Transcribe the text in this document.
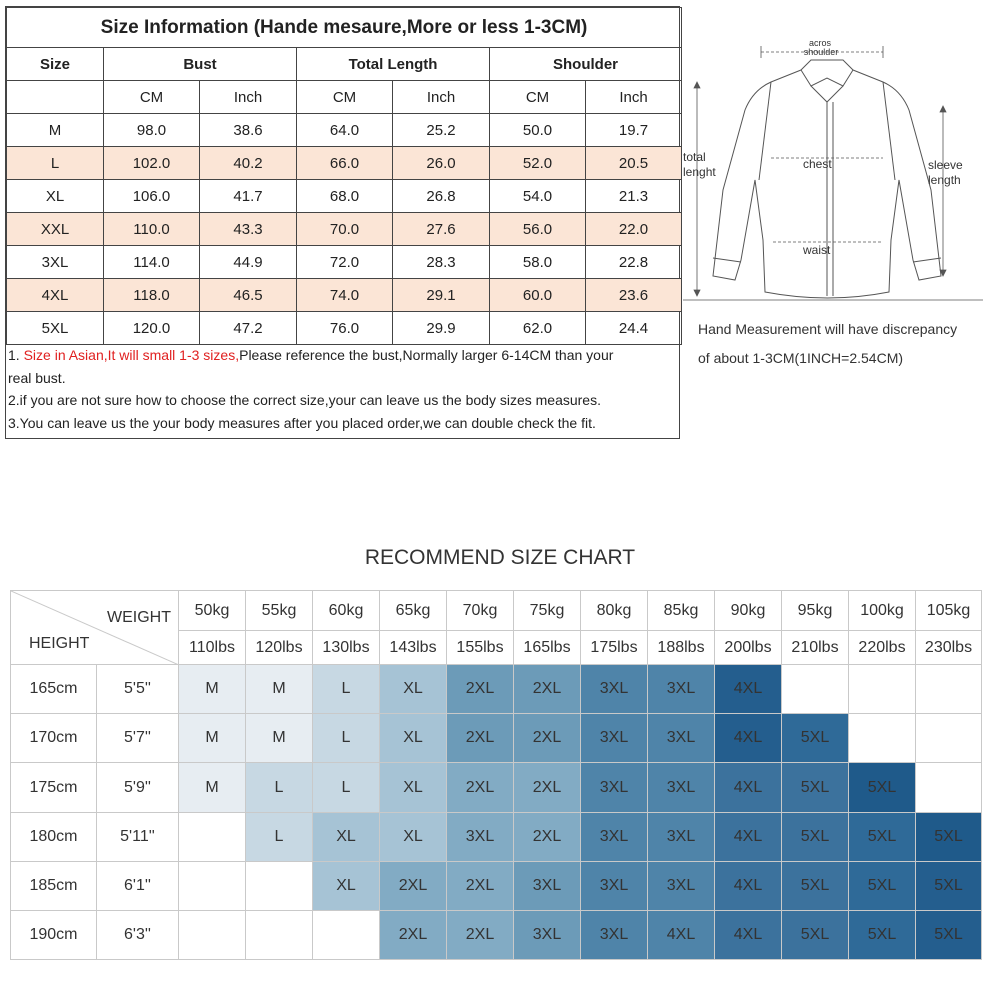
Size Information (Hande mesaure,More or less 1-3CM)						
Size	Bust		Total Length		Shoulder	
	CM	Inch	CM	Inch	CM	Inch
M	98.0	38.6	64.0	25.2	50.0	19.7
L	102.0	40.2	66.0	26.0	52.0	20.5
XL	106.0	41.7	68.0	26.8	54.0	21.3
XXL	110.0	43.3	70.0	27.6	56.0	22.0
3XL	114.0	44.9	72.0	28.3	58.0	22.8
4XL	118.0	46.5	74.0	29.1	60.0	23.6
5XL	120.0	47.2	76.0	29.9	62.0	24.4
1. Size in Asian,It will small 1-3 sizes,Please reference the bust,Normally larger 6-14CM than your
real bust.
2.if you are not sure how to choose the correct size,your can leave us the body sizes measures.
3.You can leave us the your body measures after you placed order,we can double check the fit.
acros
shoulder
total
lenght
chest
waist
sleeve
length
Hand Measurement will have discrepancy
of about 1-3CM(1INCH=2.54CM)
RECOMMEND SIZE CHART
WEIGHT
HEIGHT		50kg	55kg	60kg	65kg	70kg	75kg	80kg	85kg	90kg	95kg	100kg	105kg
		110lbs	120lbs	130lbs	143lbs	155lbs	165lbs	175lbs	188lbs	200lbs	210lbs	220lbs	230lbs
165cm	5'5''	M	M	L	XL	2XL	2XL	3XL	3XL	4XL			
170cm	5'7''	M	M	L	XL	2XL	2XL	3XL	3XL	4XL	5XL		
175cm	5'9''	M	L	L	XL	2XL	2XL	3XL	3XL	4XL	5XL	5XL	
180cm	5'11''		L	XL	XL	3XL	2XL	3XL	3XL	4XL	5XL	5XL	5XL
185cm	6'1''			XL	2XL	2XL	3XL	3XL	3XL	4XL	5XL	5XL	5XL
190cm	6'3''				2XL	2XL	3XL	3XL	4XL	4XL	5XL	5XL	5XL
